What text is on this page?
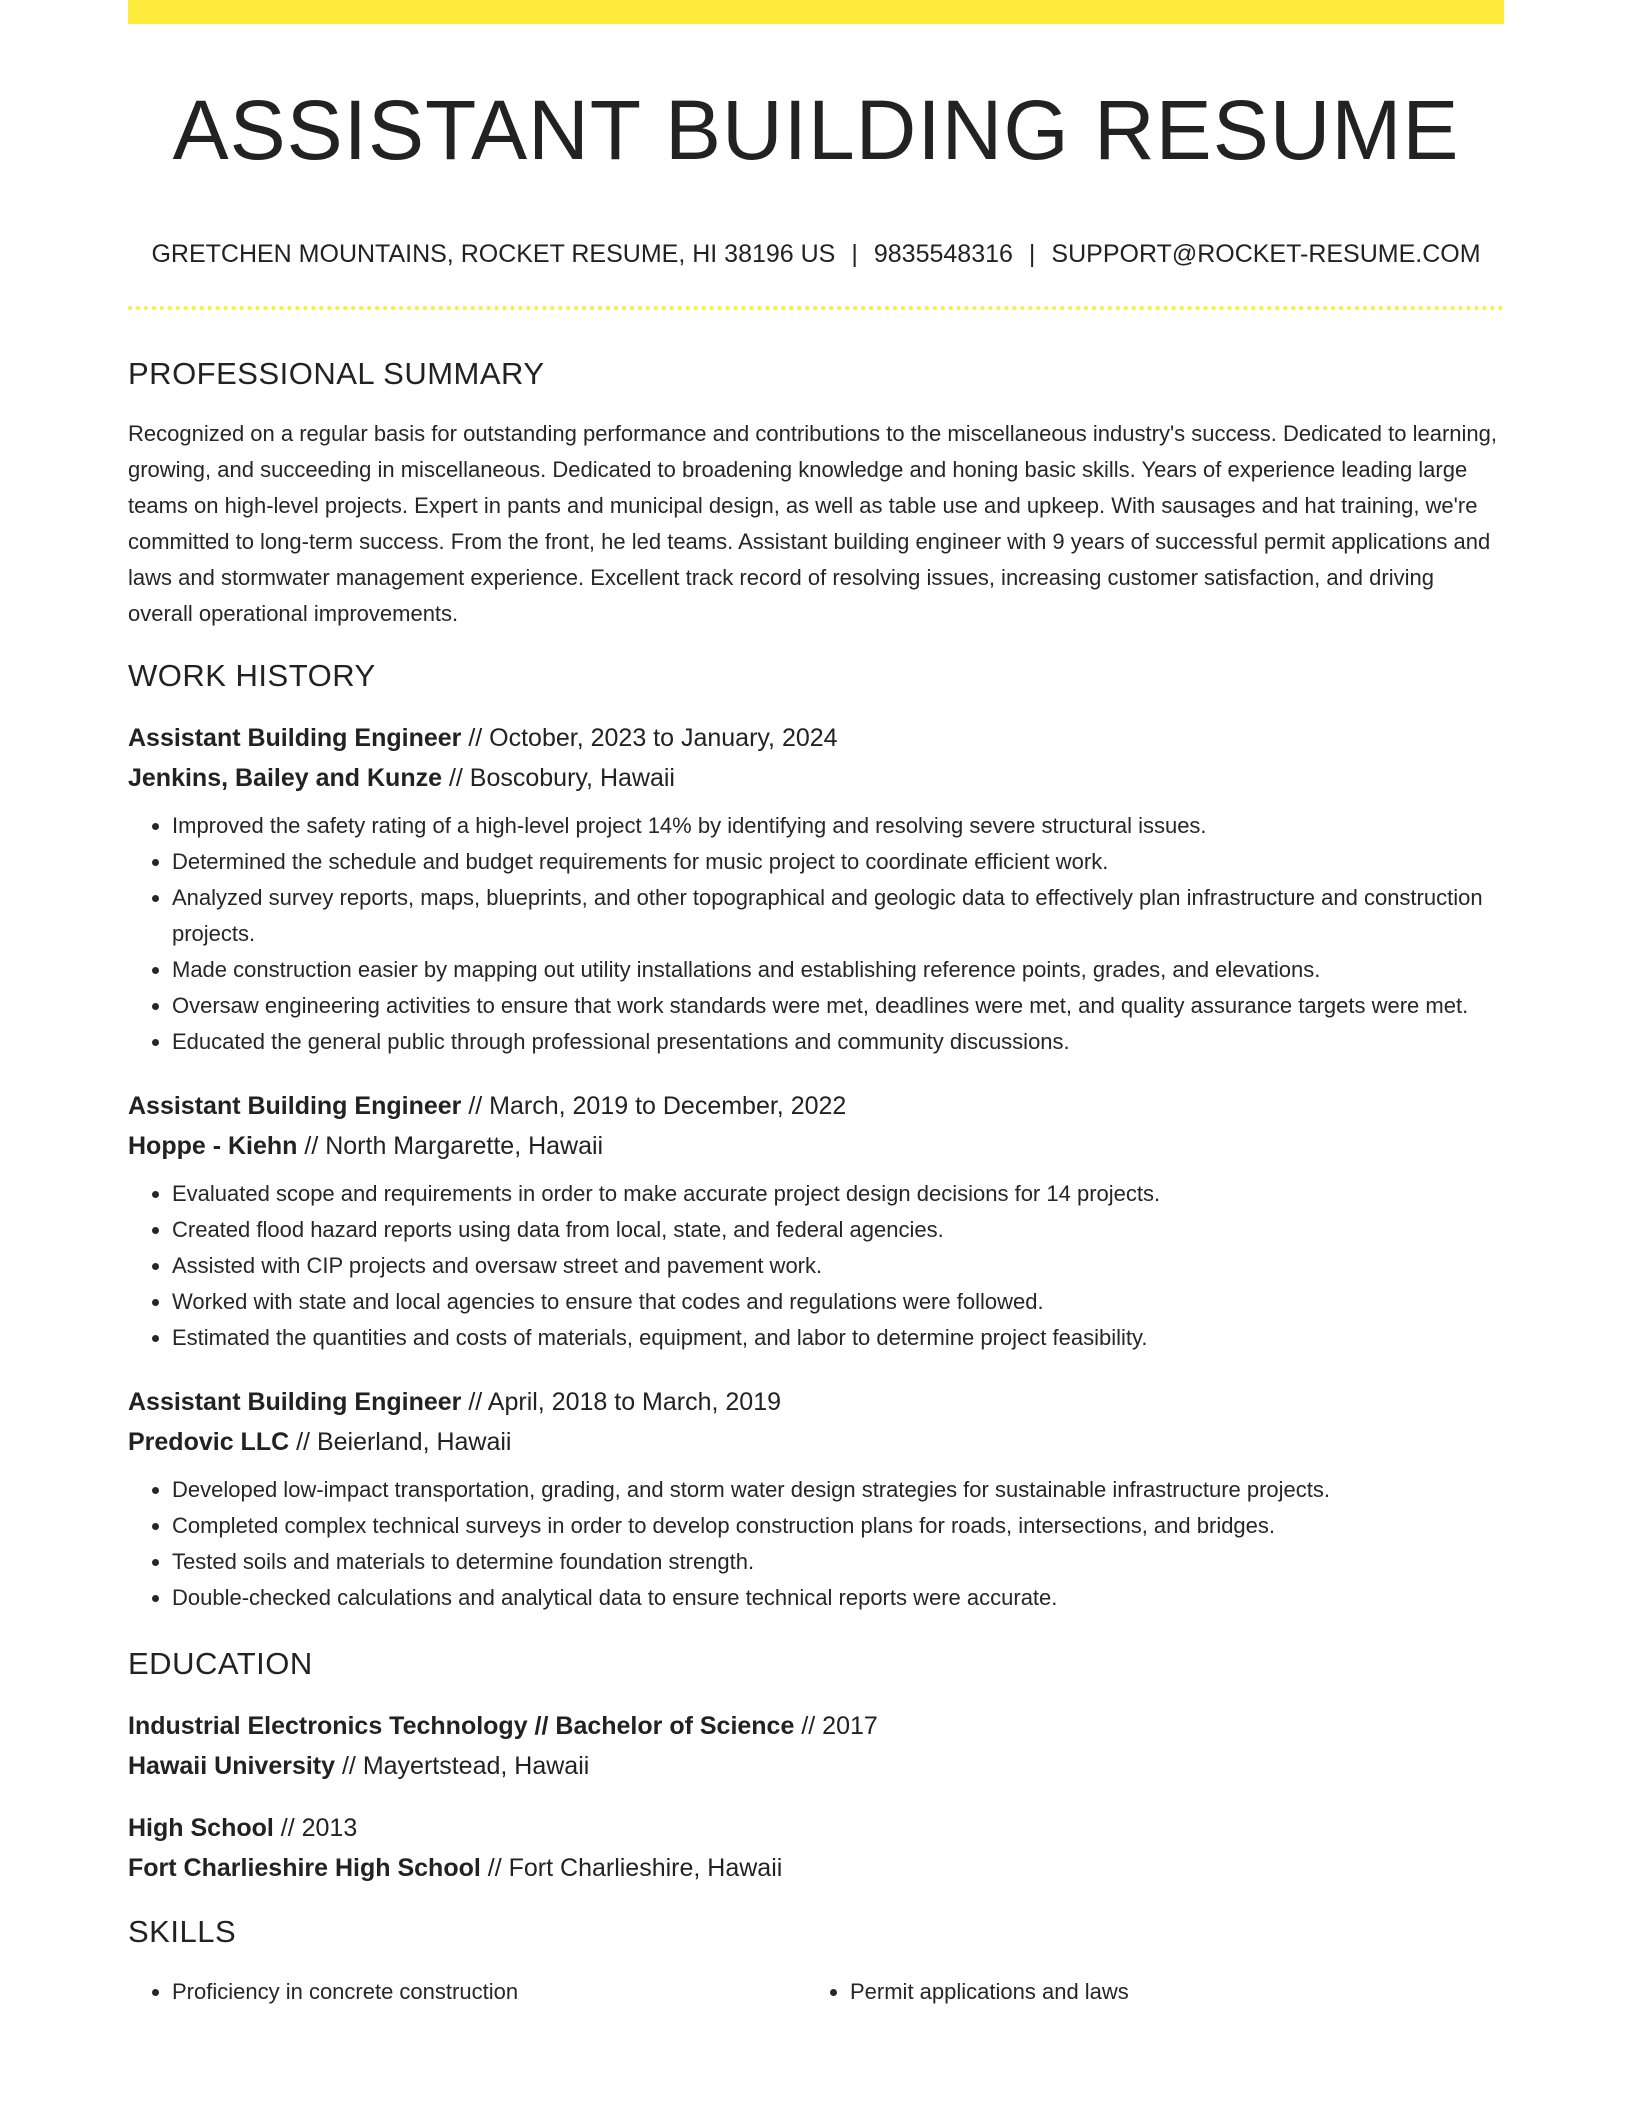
ASSISTANT BUILDING RESUME
GRETCHEN MOUNTAINS, ROCKET RESUME, HI 38196 US | 9835548316 | SUPPORT@ROCKET-RESUME.COM
PROFESSIONAL SUMMARY

Recognized on a regular basis for outstanding performance and contributions to the miscellaneous industry's success. Dedicated to learning, growing, and succeeding in miscellaneous. Dedicated to broadening knowledge and honing basic skills. Years of experience leading large teams on high-level projects. Expert in pants and municipal design, as well as table use and upkeep. With sausages and hat training, we're committed to long-term success. From the front, he led teams. Assistant building engineer with 9 years of successful permit applications and laws and stormwater management experience. Excellent track record of resolving issues, increasing customer satisfaction, and driving overall operational improvements.

WORK HISTORY
Assistant Building Engineer // October, 2023 to January, 2024
Jenkins, Bailey and Kunze // Boscobury, Hawaii
• Improved the safety rating of a high-level project 14% by identifying and resolving severe structural issues.
• Determined the schedule and budget requirements for music project to coordinate efficient work.
• Analyzed survey reports, maps, blueprints, and other topographical and geologic data to effectively plan infrastructure and construction projects.
• Made construction easier by mapping out utility installations and establishing reference points, grades, and elevations.
• Oversaw engineering activities to ensure that work standards were met, deadlines were met, and quality assurance targets were met.
• Educated the general public through professional presentations and community discussions.
Assistant Building Engineer // March, 2019 to December, 2022
Hoppe - Kiehn // North Margarette, Hawaii
• Evaluated scope and requirements in order to make accurate project design decisions for 14 projects.
• Created flood hazard reports using data from local, state, and federal agencies.
• Assisted with CIP projects and oversaw street and pavement work.
• Worked with state and local agencies to ensure that codes and regulations were followed.
• Estimated the quantities and costs of materials, equipment, and labor to determine project feasibility.
Assistant Building Engineer // April, 2018 to March, 2019
Predovic LLC // Beierland, Hawaii
• Developed low-impact transportation, grading, and storm water design strategies for sustainable infrastructure projects.
• Completed complex technical surveys in order to develop construction plans for roads, intersections, and bridges.
• Tested soils and materials to determine foundation strength.
• Double-checked calculations and analytical data to ensure technical reports were accurate.
EDUCATION
Industrial Electronics Technology // Bachelor of Science // 2017
Hawaii University // Mayertstead, Hawaii
High School // 2013
Fort Charlieshire High School // Fort Charlieshire, Hawaii
SKILLS
• Proficiency in concrete construction
•	Permit applications and laws
